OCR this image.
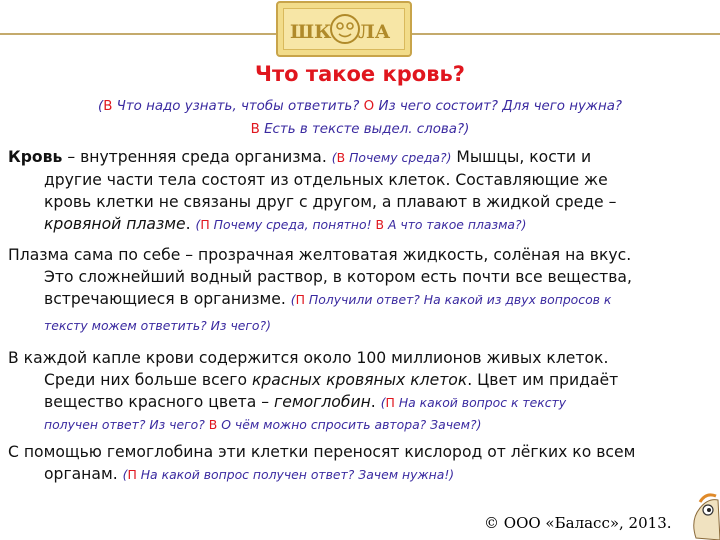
ШК ЛА
Что такое кровь?
(В Что надо узнать, чтобы ответить? О Из чего состоит? Для чего нужна?
В Есть в тексте выдел. слова?)
Кровь – внутренняя среда организма. (В Почему среда?) Мышцы, кости и
другие части тела состоят из отдельных клеток. Составляющие же
кровь клетки не связаны друг с другом, а плавают в жидкой среде –
кровяной плазме. (П Почему среда, понятно! В А что такое плазма?)
Плазма сама по себе – прозрачная желтоватая жидкость, солёная на вкус.
Это сложнейший водный раствор, в котором есть почти все вещества,
встречающиеся в организме. (П Получили ответ? На какой из двух вопросов к
тексту можем ответить? Из чего?)
В каждой капле крови содержится около 100 миллионов живых клеток.
Среди них больше всего красных кровяных клеток. Цвет им придаёт
вещество красного цвета – гемоглобин. (П На какой вопрос к тексту
получен ответ? Из чего? В О чём можно спросить автора? Зачем?)
С помощью гемоглобина эти клетки переносят кислород от лёгких ко всем
органам. (П На какой вопрос получен ответ? Зачем нужна!)
© ООО «Баласс», 2013.
